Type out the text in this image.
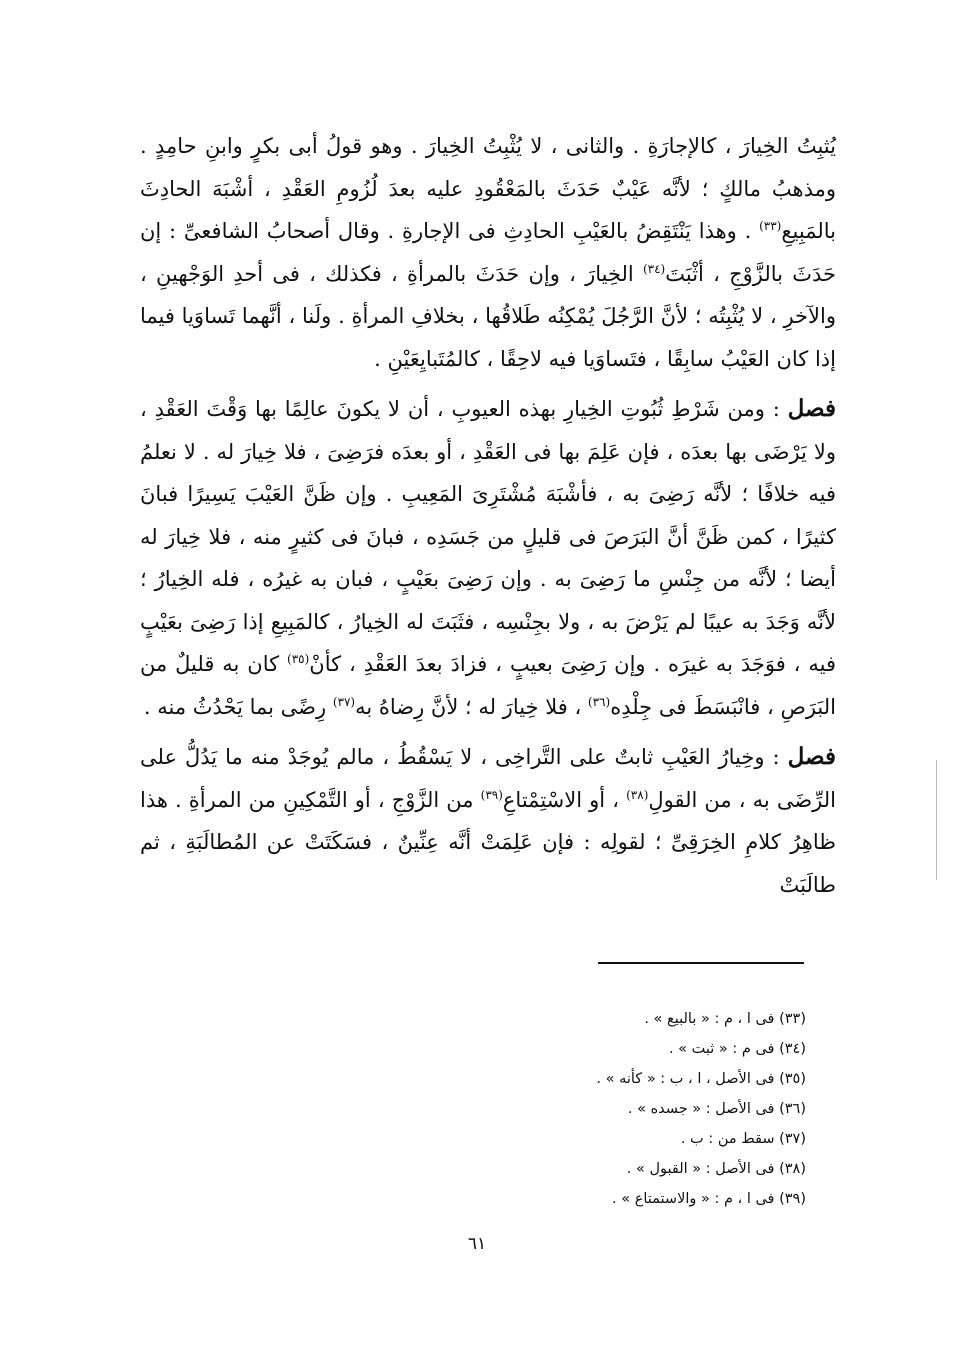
يُثبِتُ الخِيارَ ، كالإجارَةِ . والثانى ، لا يُثْبِتُ الخِيارَ . وهو قولُ أبى بكرٍ وابنِ حامِدٍ . ومذهبُ مالكٍ ؛ لأنَّه عَيْبٌ حَدَثَ بالمَعْقُودِ عليه بعدَ لُزُومِ العَقْدِ ، أشْبَهَ الحادِثَ بالمَبِيعِ$^{(٣٣)}$ . وهذا يَنْتَقِضُ بالعَيْبِ الحادِثِ فى الإجارةِ . وقال أصحابُ الشافعىِّ : إن حَدَثَ بالزَّوْجِ ، أثْبَتَ$^{(٣٤)}$ الخِيارَ ، وإن حَدَثَ بالمرأةِ ، فكذلك ، فى أحدِ الوَجْهينِ ، والآخرِ ، لا يُثْبِتُه ؛ لأنَّ الرَّجُلَ يُمْكِنُه طَلاقُها ، بخلافِ المرأةِ . ولَنا ، أنَّهما تَساوَيا فيما إذا كان العَيْبُ سابِقًا ، فتَساوَيا فيه لاحِقًا ، كالمُتَبايِعَيْنِ .

فصل : ومن شَرْطِ ثُبُوتِ الخِيارِ بهذه العيوبِ ، أن لا يكونَ عالِمًا بها وَقْتَ العَقْدِ ، ولا يَرْضَى بها بعدَه ، فإن عَلِمَ بها فى العَقْدِ ، أو بعدَه فرَضِىَ ، فلا خِيارَ له . لا نعلمُ فيه خلافًا ؛ لأنَّه رَضِىَ به ، فأشْبَهَ مُشْتَرِىَ المَعِيبِ . وإن ظَنَّ العَيْبَ يَسِيرًا فبانَ كثيرًا ، كمن ظَنَّ أنَّ البَرَصَ فى قليلٍ من جَسَدِه ، فبانَ فى كثيرٍ منه ، فلا خِيارَ له أيضا ؛ لأنَّه من جِنْسِ ما رَضِىَ به . وإن رَضِىَ بعَيْبٍ ، فبان به غيرُه ، فله الخِيارُ ؛ لأنَّه وَجَدَ به عيبًا لم يَرْضَ به ، ولا بجِنْسِه ، فثَبَتَ له الخِيارُ ، كالمَبِيعِ إذا رَضِىَ بعَيْبٍ فيه ، فوَجَدَ به غيرَه . وإن رَضِىَ بعيبٍ ، فزادَ بعدَ العَقْدِ ، كأنْ$^{(٣٥)}$ كان به قليلٌ من البَرَصِ ، فانْبَسَطَ فى جِلْدِه$^{(٣٦)}$ ، فلا خِيارَ له ؛ لأنَّ رِضاهُ به$^{(٣٧)}$ رِضًى بما يَحْدُثُ منه .

فصل : وخِيارُ العَيْبِ ثابتٌ على التَّراخِى ، لا يَسْقُطُ ، مالم يُوجَدْ منه ما يَدُلُّ على الرِّضَى به ، من القولِ$^{(٣٨)}$ ، أو الاسْتِمْتاعِ$^{(٣٩)}$ من الزَّوْجِ ، أو التَّمْكِينِ من المرأةِ . هذا ظاهِرُ كلامِ الخِرَقِىِّ ؛ لقولِه : فإن عَلِمَتْ أنَّه عِنِّينٌ ، فسَكَتَتْ عن المُطالَبَةِ ، ثم طالَبَتْ

(٣٣) فى ا ، م : « بالبيع » .
(٣٤) فى م : « ثبت » .
(٣٥) فى الأصل ، ا ، ب : « كأنه » .
(٣٦) فى الأصل : « جسده » .
(٣٧) سقط من : ب .
(٣٨) فى الأصل : « القبول » .
(٣٩) فى ا ، م : « والاستمتاع » .
٦١
